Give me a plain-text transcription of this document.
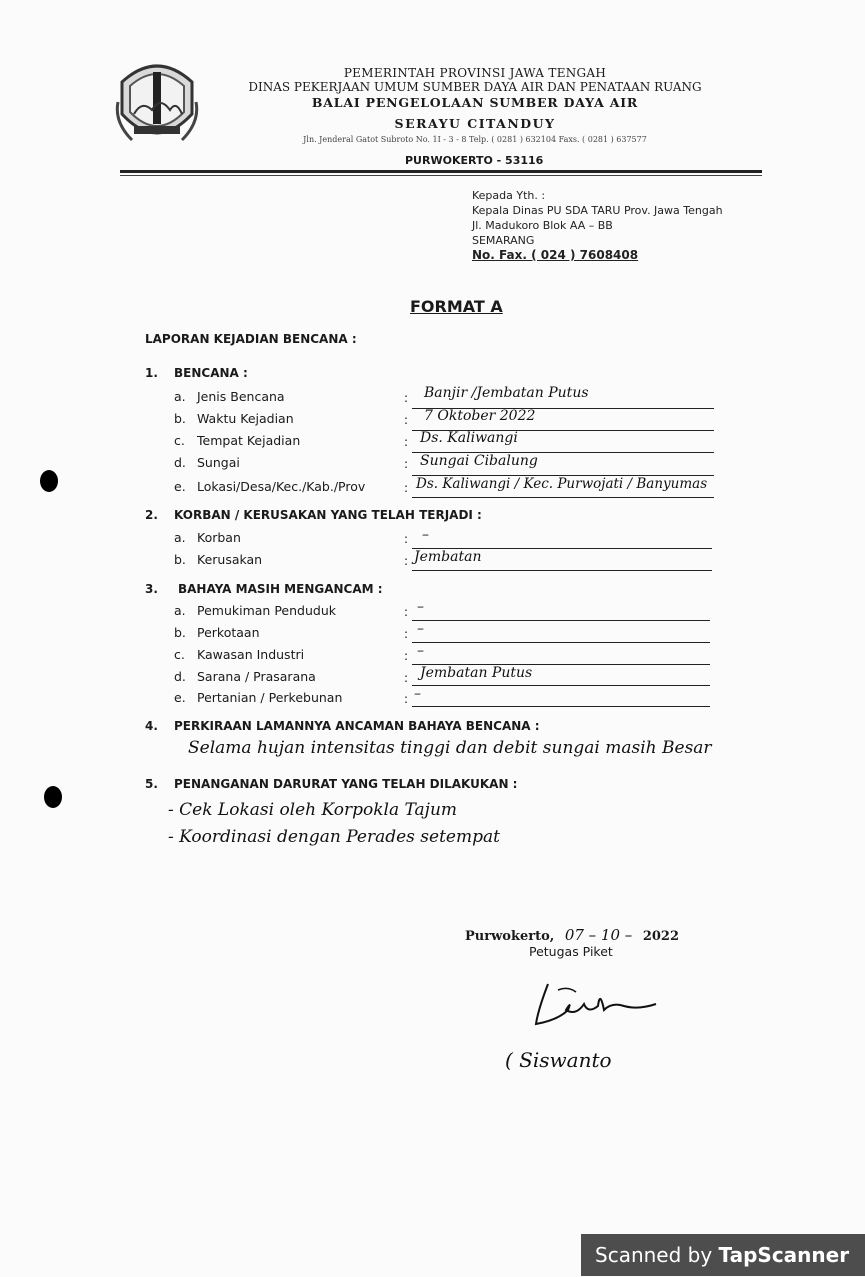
PEMERINTAH PROVINSI JAWA TENGAH
DINAS PEKERJAAN UMUM SUMBER DAYA AIR DAN PENATAAN RUANG
BALAI PENGELOLAAN SUMBER DAYA AIR
SERAYU CITANDUY
Jln. Jenderal Gatot Subroto No. 1I - 3 - 8 Telp. ( 0281 ) 632104 Faxs. ( 0281 ) 637577
PURWOKERTO - 53116
Kepada Yth. :
Kepala Dinas PU SDA TARU Prov. Jawa Tengah
Jl. Madukoro Blok AA – BB
SEMARANG
No. Fax. ( 024 ) 7608408
FORMAT A
LAPORAN KEJADIAN BENCANA :
1. BENCANA :
a. Jenis Bencana	: Banjir /Jembatan Putus
b. Waktu Kejadian	: 7 Oktober 2022
c. Tempat Kejadian	: Ds. Kaliwangi
d. Sungai	: Sungai Cibalung
e. Lokasi/Desa/Kec./Kab./Prov	: Ds. Kaliwangi / Kec. Purwojati / Banyumas
2. KORBAN / KERUSAKAN YANG TELAH TERJADI :
a. Korban	: –
b. Kerusakan	: Jembatan
3. BAHAYA MASIH MENGANCAM :
a. Pemukiman Penduduk	: –
b. Perkotaan	: –
c. Kawasan Industri	: –
d. Sarana / Prasarana	: Jembatan Putus
e. Pertanian / Perkebunan	: –
4. PERKIRAAN LAMANNYA ANCAMAN BAHAYA BENCANA :
Selama hujan intensitas tinggi dan debit sungai masih Besar
5. PENANGANAN DARURAT YANG TELAH DILAKUKAN :
- Cek Lokasi oleh Korpokla Tajum
- Koordinasi dengan Perades setempat
Purwokerto, 07 – 10 – 2022
Petugas Piket
( Siswanto
Scanned by TapScanner
